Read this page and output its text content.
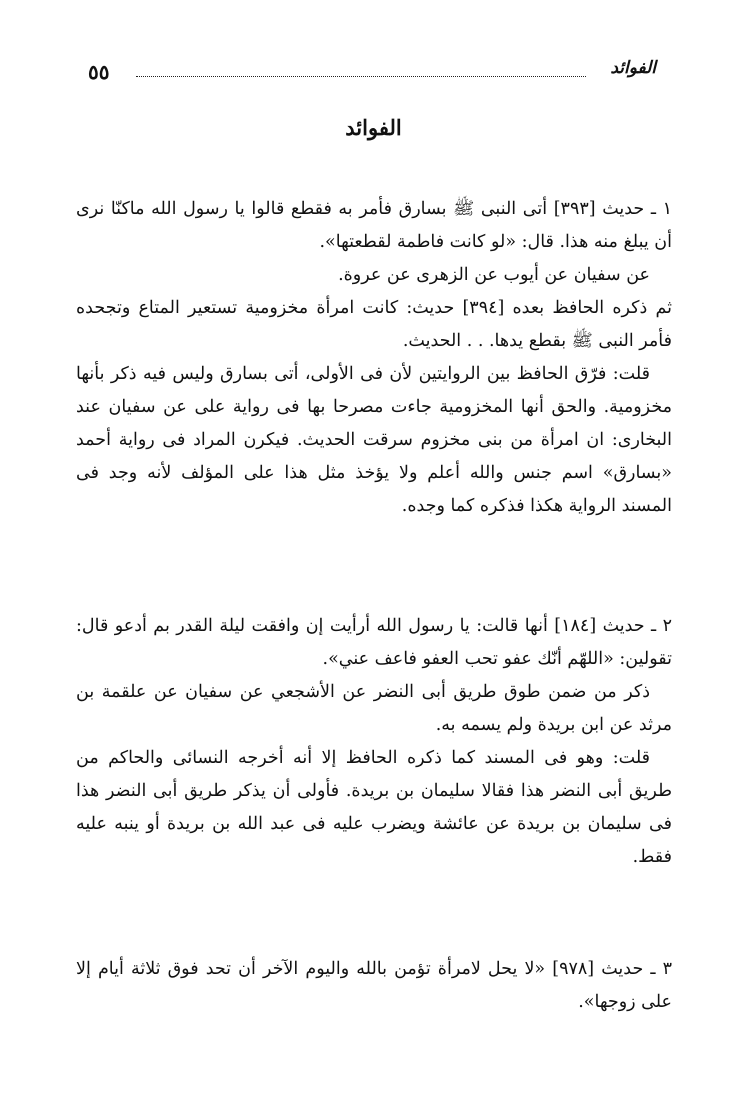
٥٥	الفوائد
الفوائد

١ ـ حديث [٣٩٣] أتى النبى ﷺ بسارق فأمر به فقطع قالوا يا رسول الله ماكنّا نرى أن يبلغ منه هذا. قال: «لو كانت فاطمة لقطعتها».

عن سفيان عن أيوب عن الزهرى عن عروة.

ثم ذكره الحافظ بعده [٣٩٤] حديث: كانت امرأة مخزومية تستعير المتاع وتجحده فأمر النبى ﷺ بقطع يدها. . . الحديث.

قلت: فرّق الحافظ بين الروايتين لأن فى الأولى، أتى بسارق وليس فيه ذكر بأنها مخزومية. والحق أنها المخزومية جاءت مصرحا بها فى رواية على عن سفيان عند البخارى: ان امرأة من بنى مخزوم سرقت الحديث. فيكرن المراد فى رواية أحمد «بسارق» اسم جنس والله أعلم ولا يؤخذ مثل هذا على المؤلف لأنه وجد فى المسند الرواية هكذا فذكره كما وجده.

٢ ـ حديث [١٨٤] أنها قالت: يا رسول الله أرأيت إن وافقت ليلة القدر بم أدعو قال: تقولين: «اللهّم أنّك عفو تحب العفو فاعف عني».

ذكر من ضمن طوق طريق أبى النضر عن الأشجعي عن سفيان عن علقمة بن مرثد عن ابن بريدة ولم يسمه به.

قلت: وهو فى المسند كما ذكره الحافظ إلا أنه أخرجه النسائى والحاكم من طريق أبى النضر هذا فقالا سليمان بن بريدة. فأولى أن يذكر طريق أبى النضر هذا فى سليمان بن بريدة عن عائشة ويضرب عليه فى عبد الله بن بريدة أو ينبه عليه فقط.

٣ ـ حديث [٩٧٨] «لا يحل لامرأة تؤمن بالله واليوم الآخر أن تحد فوق ثلاثة أيام إلا على زوجها».
